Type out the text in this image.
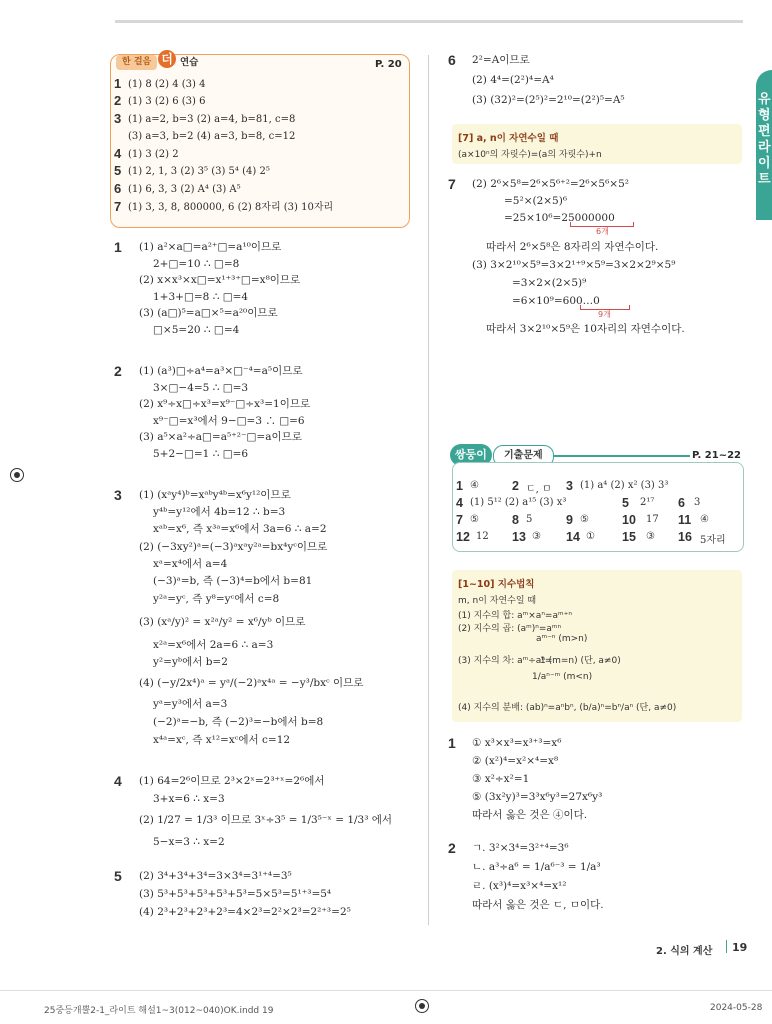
유형편 라이트
한 걸음 더 연습	P. 20
1 (1) 8 (2) 4 (3) 4
2 (1) 3 (2) 6 (3) 6
3 (1) a=2, b=3 (2) a=4, b=81, c=8
(3) a=3, b=2 (4) a=3, b=8, c=12
4 (1) 3 (2) 2
5 (1) 2, 1, 3 (2) 3⁵ (3) 5⁴ (4) 2⁵
6 (1) 6, 3, 3 (2) A⁴ (3) A⁵
7 (1) 3, 3, 8, 800000, 6 (2) 8자리 (3) 10자리
1 (1) a²×a□=a²⁺□=a¹⁰이므로
2+□=10 ∴ □=8
(2) x×x³×x□=x¹⁺³⁺□=x⁸이므로
1+3+□=8 ∴ □=4
(3) (a□)⁵=a□×⁵=a²⁰이므로
□×5=20 ∴ □=4
2 (1) (a³)□÷a⁴=a³×□⁻⁴=a⁵이므로
3×□−4=5 ∴ □=3
(2) x⁹÷x□÷x³=x⁹⁻□÷x³=1이므로
x⁹⁻□=x³에서 9−□=3 ∴ □=6
(3) a⁵×a²÷a□=a⁵⁺²⁻□=a이므로
5+2−□=1 ∴ □=6
3 (1) (xᵃy⁴)ᵇ=xᵃᵇy⁴ᵇ=x⁶y¹²이므로
y⁴ᵇ=y¹²에서 4b=12 ∴ b=3
xᵃᵇ=x⁶, 즉 x³ᵃ=x⁶에서 3a=6 ∴ a=2
(2) (−3xy²)ᵃ=(−3)ᵃxᵃy²ᵃ=bx⁴yᶜ이므로
xᵃ=x⁴에서 a=4
(−3)ᵃ=b, 즉 (−3)⁴=b에서 b=81
y²ᵃ=yᶜ, 즉 y⁸=yᶜ에서 c=8
(3) (xᵃ/y)² = x²ᵃ/y² = x⁶/yᵇ 이므로
x²ᵃ=x⁶에서 2a=6 ∴ a=3
y²=yᵇ에서 b=2
(4) (−y/2x⁴)ᵃ = yᵃ/(−2)ᵃx⁴ᵃ = −y³/bxᶜ 이므로
yᵃ=y³에서 a=3
(−2)ᵃ=−b, 즉 (−2)³=−b에서 b=8
x⁴ᵃ=xᶜ, 즉 x¹²=xᶜ에서 c=12
4 (1) 64=2⁶이므로 2³×2ˣ=2³⁺ˣ=2⁶에서
3+x=6 ∴ x=3
(2) 1/27 = 1/3³ 이므로 3ˣ÷3⁵ = 1/3⁵⁻ˣ = 1/3³ 에서
5−x=3 ∴ x=2
5 (2) 3⁴+3⁴+3⁴=3×3⁴=3¹⁺⁴=3⁵
(3) 5³+5³+5³+5³+5³=5×5³=5¹⁺³=5⁴
(4) 2³+2³+2³+2³=4×2³=2²×2³=2²⁺³=2⁵
6 2²=A이므로
(2) 4⁴=(2²)⁴=A⁴
(3) (32)²=(2⁵)²=2¹⁰=(2²)⁵=A⁵
[7] a, n이 자연수일 때
(a×10ⁿ의 자릿수)=(a의 자릿수)+n
7 (2) 2⁶×5⁸=2⁶×5⁶⁺²=2⁶×5⁶×5²
=5²×(2×5)⁶
=25×10⁶=25000000
따라서 2⁶×5⁸은 8자리의 자연수이다.
(3) 3×2¹⁰×5⁹=3×2¹⁺⁹×5⁹=3×2×2⁹×5⁹
=3×2×(2×5)⁹
=6×10⁹=600…0
따라서 3×2¹⁰×5⁹은 10자리의 자연수이다.
6개
9개
쌍둥이	기출문제	P. 21~22
1 ④	2 ㄷ, ㅁ 3 (1) a⁴ (2) x² (3) 3³
4 (1) 5¹² (2) a¹⁵ (3) x³	5 2¹⁷ 6 3
7 ⑤	8 5	9 ⑤	10 17 11 ④
12 12 13 ③ 14 ① 15 ③ 16 5자리
[1~10] 지수법칙
m, n이 자연수일 때
(1) 지수의 합: aᵐ×aⁿ=aᵐ⁺ⁿ
(2) 지수의 곱: (aᵐ)ⁿ=aᵐⁿ
aᵐ⁻ⁿ (m>n)
(3) 지수의 차: aᵐ÷aⁿ=
1 (m=n) (단, a≠0)
1/aⁿ⁻ᵐ (m<n)
(4) 지수의 분배: (ab)ⁿ=aⁿbⁿ, (b/a)ⁿ=bⁿ/aⁿ (단, a≠0)
1 ① x³×x³=x³⁺³=x⁶
② (x²)⁴=x²×⁴=x⁸
③ x²÷x²=1
⑤ (3x²y)³=3³x⁶y³=27x⁶y³
따라서 옳은 것은 ④이다.
2 ㄱ. 3²×3⁴=3²⁺⁴=3⁶
ㄴ. a³÷a⁶ = 1/a⁶⁻³ = 1/a³
ㄹ. (x³)⁴=x³×⁴=x¹²
따라서 옳은 것은 ㄷ, ㅁ이다.
2. 식의 계산 19
25중등개뿔2-1_라이트 해설1~3(012~040)OK.indd 19	2024-05-28
